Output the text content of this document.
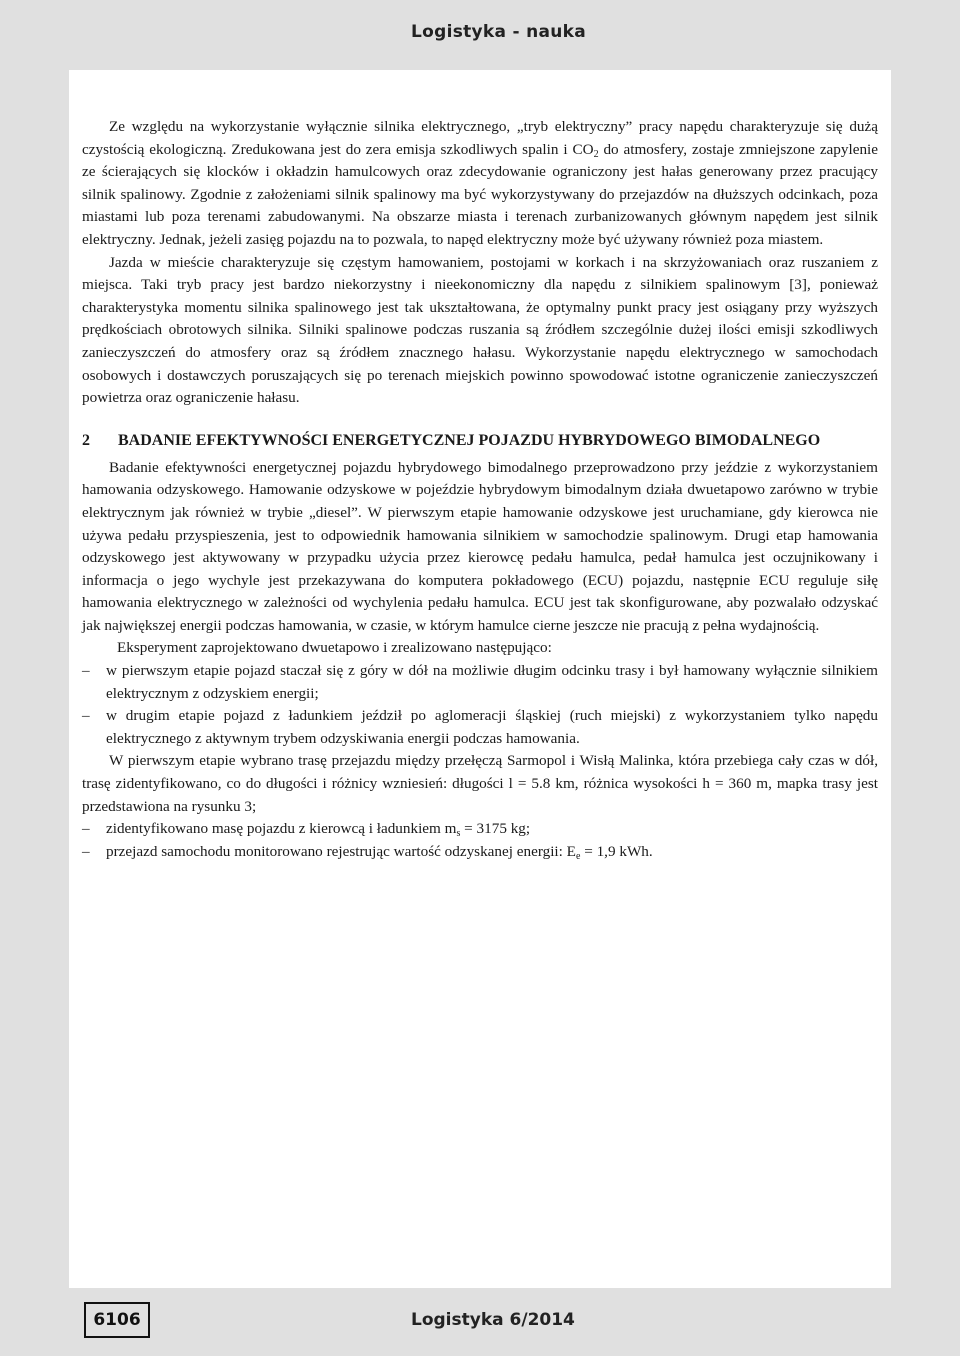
Logistyka - nauka

Ze względu na wykorzystanie wyłącznie silnika elektrycznego, „tryb elektryczny” pracy napędu charakteryzuje się dużą czystością ekologiczną. Zredukowana jest do zera emisja szkodliwych spalin i $CO_2$ do atmosfery, zostaje zmniejszone zapylenie ze ścierających się klocków i okładzin hamulcowych oraz zdecydowanie ograniczony jest hałas generowany przez pracujący silnik spalinowy. Zgodnie z założeniami silnik spalinowy ma być wykorzystywany do przejazdów na dłuższych odcinkach, poza miastami lub poza terenami zabudowanymi. Na obszarze miasta i terenach zurbanizowanych głównym napędem jest silnik elektryczny. Jednak, jeżeli zasięg pojazdu na to pozwala, to napęd elektryczny może być używany również poza miastem.

Jazda w mieście charakteryzuje się częstym hamowaniem, postojami w korkach i na skrzyżowaniach oraz ruszaniem z miejsca. Taki tryb pracy jest bardzo niekorzystny i nieekonomiczny dla napędu z silnikiem spalinowym [3], ponieważ charakterystyka momentu silnika spalinowego jest tak ukształtowana, że optymalny punkt pracy jest osiągany przy wyższych prędkościach obrotowych silnika. Silniki spalinowe podczas ruszania są źródłem szczególnie dużej ilości emisji szkodliwych zanieczyszczeń do atmosfery oraz są źródłem znacznego hałasu. Wykorzystanie napędu elektrycznego w samochodach osobowych i dostawczych poruszających się po terenach miejskich powinno spowodować istotne ograniczenie zanieczyszczeń powietrza oraz ograniczenie hałasu.

2	BADANIE EFEKTYWNOŚCI ENERGETYCZNEJ POJAZDU HYBRYDOWEGO BIMODALNEGO

Badanie efektywności energetycznej pojazdu hybrydowego bimodalnego przeprowadzono przy jeździe z wykorzystaniem hamowania odzyskowego. Hamowanie odzyskowe w pojeździe hybrydowym bimodalnym działa dwuetapowo zarówno w trybie elektrycznym jak również w trybie „diesel”. W pierwszym etapie hamowanie odzyskowe jest uruchamiane, gdy kierowca nie używa pedału przyspieszenia, jest to odpowiednik hamowania silnikiem w samochodzie spalinowym. Drugi etap hamowania odzyskowego jest aktywowany w przypadku użycia przez kierowcę pedału hamulca, pedał hamulca jest oczujnikowany i informacja o jego wychyle jest przekazywana do komputera pokładowego (ECU) pojazdu, następnie ECU reguluje siłę hamowania elektrycznego w zależności od wychylenia pedału hamulca. ECU jest tak skonfigurowane, aby pozwalało odzyskać jak największej energii podczas hamowania, w czasie, w którym hamulce cierne jeszcze nie pracują z pełna wydajnością.

Eksperyment zaprojektowano dwuetapowo i zrealizowano następująco:

– w pierwszym etapie pojazd staczał się z góry w dół na możliwie długim odcinku trasy i był hamowany wyłącznie silnikiem elektrycznym z odzyskiem energii;
– w drugim etapie pojazd z ładunkiem jeździł po aglomeracji śląskiej (ruch miejski) z wykorzystaniem tylko napędu elektrycznego z aktywnym trybem odzyskiwania energii podczas hamowania.

W pierwszym etapie wybrano trasę przejazdu między przełęczą Sarmopol i Wisłą Malinka, która przebiega cały czas w dół, trasę zidentyfikowano, co do długości i różnicy wzniesień: długości l = 5.8 km, różnica wysokości h = 360 m, mapka trasy jest przedstawiona na rysunku 3;

– zidentyfikowano masę pojazdu z kierowcą i ładunkiem $m_s = 3175$ kg;
– przejazd samochodu monitorowano rejestrując wartość odzyskanej energii: $E_e = 1,9$ kWh.
6106	Logistyka 6/2014
